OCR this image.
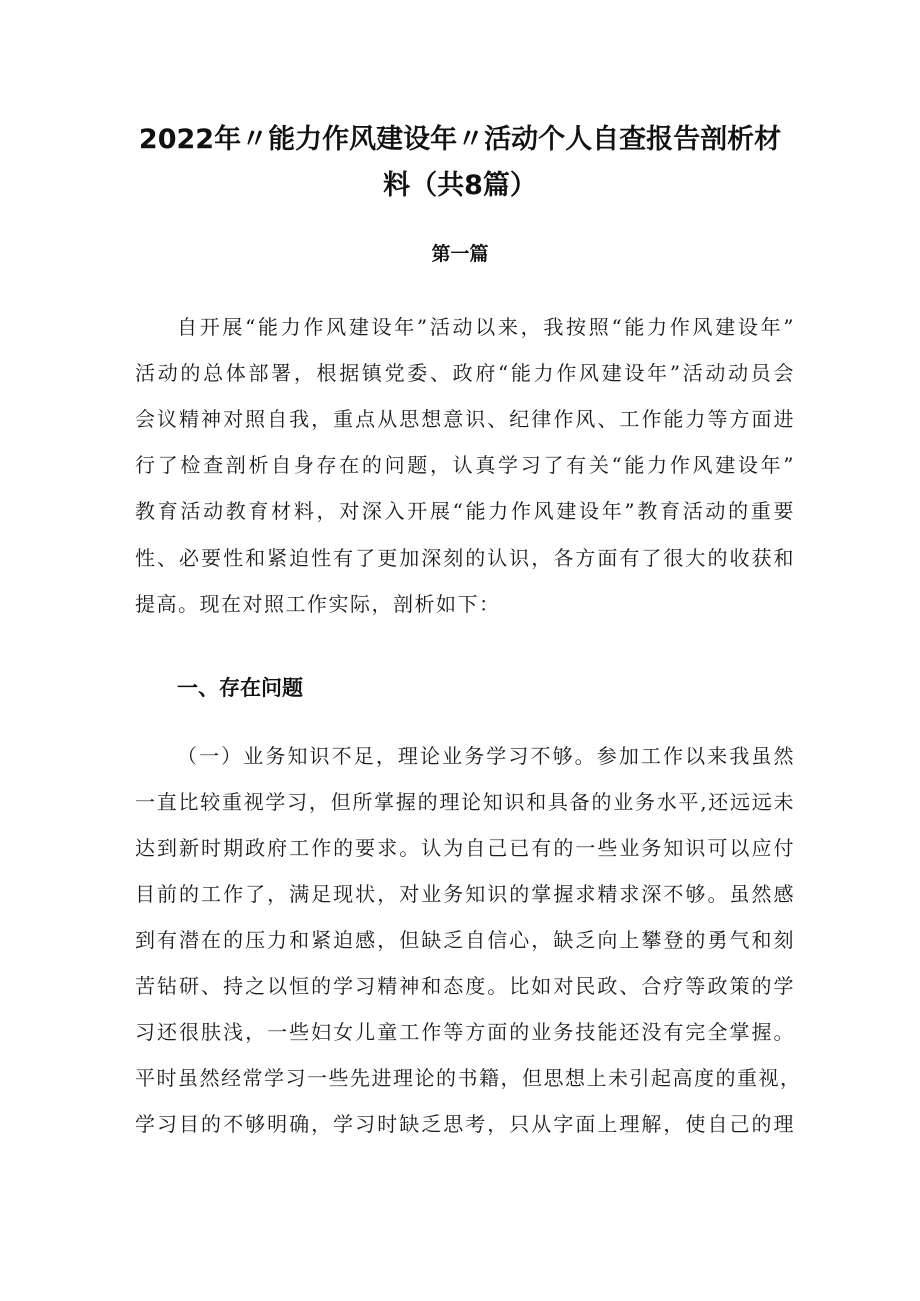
2022年〃能力作风建设年〃活动个人自查报告剖析材
料（共8篇）
第一篇
自开展“能力作风建设年”活动以来，我按照“能力作风建设年”
活动的总体部署，根据镇党委、政府“能力作风建设年”活动动员会
会议精神对照自我，重点从思想意识、纪律作风、工作能力等方面进
行了检查剖析自身存在的问题，认真学习了有关“能力作风建设年”
教育活动教育材料，对深入开展“能力作风建设年”教育活动的重要
性、必要性和紧迫性有了更加深刻的认识，各方面有了很大的收获和
提高。现在对照工作实际，剖析如下：
一、存在问题
（一）业务知识不足，理论业务学习不够。参加工作以来我虽然
一直比较重视学习，但所掌握的理论知识和具备的业务水平,还远远未
达到新时期政府工作的要求。认为自己已有的一些业务知识可以应付
目前的工作了，满足现状，对业务知识的掌握求精求深不够。虽然感
到有潜在的压力和紧迫感，但缺乏自信心，缺乏向上攀登的勇气和刻
苦钻研、持之以恒的学习精神和态度。比如对民政、合疗等政策的学
习还很肤浅，一些妇女儿童工作等方面的业务技能还没有完全掌握。
平时虽然经常学习一些先进理论的书籍，但思想上未引起高度的重视，
学习目的不够明确，学习时缺乏思考，只从字面上理解，使自己的理
